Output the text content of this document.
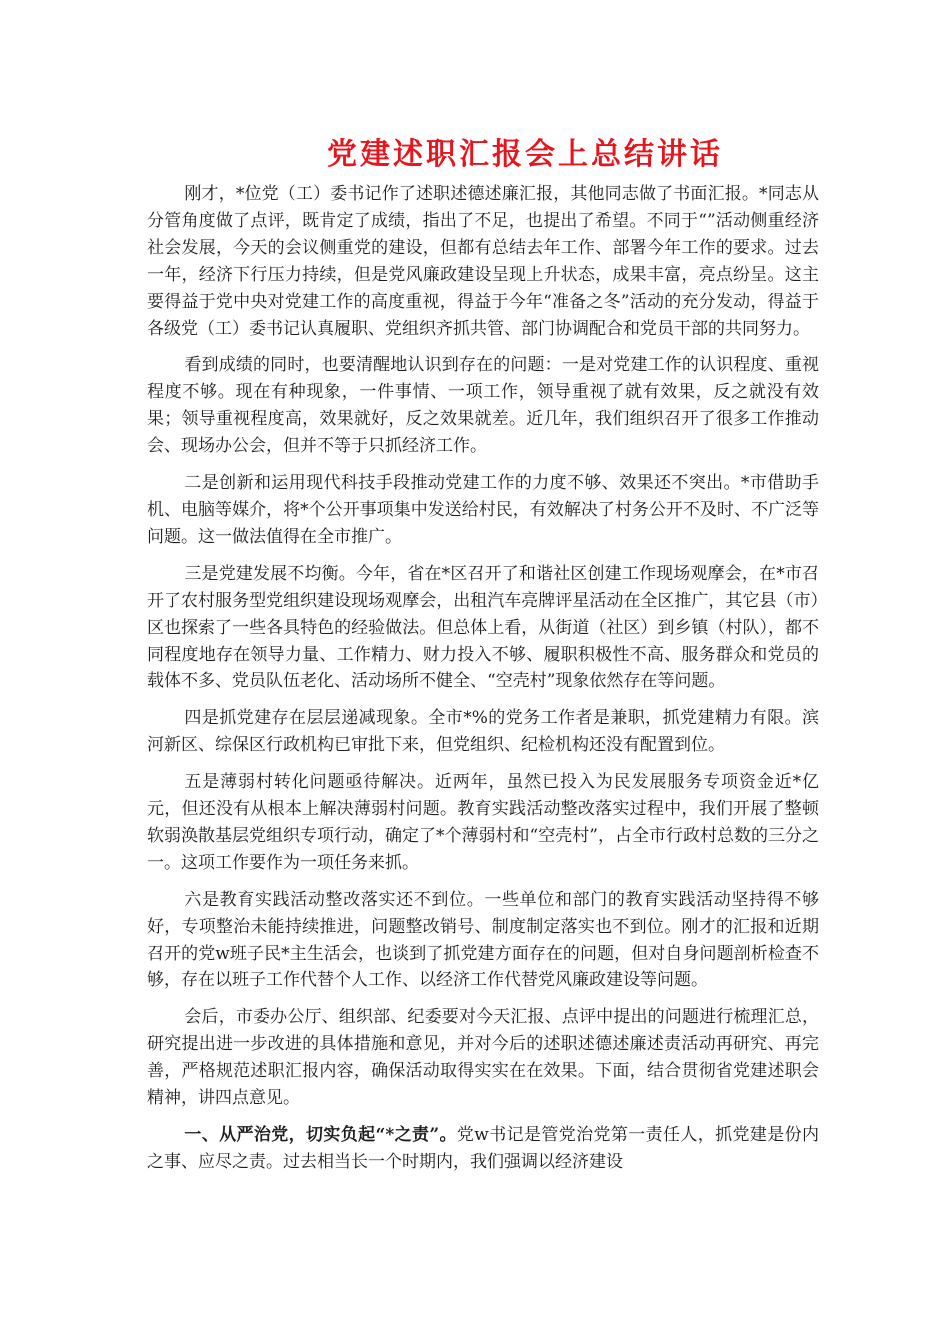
党建述职汇报会上总结讲话

刚才，*位党（工）委书记作了述职述德述廉汇报，其他同志做了书面汇报。*同志从分管角度做了点评，既肯定了成绩，指出了不足，也提出了希望。不同于“”活动侧重经济社会发展，今天的会议侧重党的建设，但都有总结去年工作、部署今年工作的要求。过去一年，经济下行压力持续，但是党风廉政建设呈现上升状态，成果丰富，亮点纷呈。这主要得益于党中央对党建工作的高度重视，得益于今年“准备之冬”活动的充分发动，得益于各级党（工）委书记认真履职、党组织齐抓共管、部门协调配合和党员干部的共同努力。

看到成绩的同时，也要清醒地认识到存在的问题：一是对党建工作的认识程度、重视程度不够。现在有种现象，一件事情、一项工作，领导重视了就有效果，反之就没有效果；领导重视程度高，效果就好，反之效果就差。近几年，我们组织召开了很多工作推动会、现场办公会，但并不等于只抓经济工作。

二是创新和运用现代科技手段推动党建工作的力度不够、效果还不突出。*市借助手机、电脑等媒介，将*个公开事项集中发送给村民，有效解决了村务公开不及时、不广泛等问题。这一做法值得在全市推广。

三是党建发展不均衡。今年，省在*区召开了和谐社区创建工作现场观摩会，在*市召开了农村服务型党组织建设现场观摩会，出租汽车亮牌评星活动在全区推广，其它县（市）区也探索了一些各具特色的经验做法。但总体上看，从街道（社区）到乡镇（村队），都不同程度地存在领导力量、工作精力、财力投入不够、履职积极性不高、服务群众和党员的载体不多、党员队伍老化、活动场所不健全、“空壳村”现象依然存在等问题。

四是抓党建存在层层递减现象。全市*%的党务工作者是兼职，抓党建精力有限。滨河新区、综保区行政机构已审批下来，但党组织、纪检机构还没有配置到位。

五是薄弱村转化问题亟待解决。近两年，虽然已投入为民发展服务专项资金近*亿元，但还没有从根本上解决薄弱村问题。教育实践活动整改落实过程中，我们开展了整顿软弱涣散基层党组织专项行动，确定了*个薄弱村和“空壳村”，占全市行政村总数的三分之一。这项工作要作为一项任务来抓。

六是教育实践活动整改落实还不到位。一些单位和部门的教育实践活动坚持得不够好，专项整治未能持续推进，问题整改销号、制度制定落实也不到位。刚才的汇报和近期召开的党w班子民*主生活会，也谈到了抓党建方面存在的问题，但对自身问题剖析检查不够，存在以班子工作代替个人工作、以经济工作代替党风廉政建设等问题。

会后，市委办公厅、组织部、纪委要对今天汇报、点评中提出的问题进行梳理汇总，研究提出进一步改进的具体措施和意见，并对今后的述职述德述廉述责活动再研究、再完善，严格规范述职汇报内容，确保活动取得实实在在效果。下面，结合贯彻省党建述职会精神，讲四点意见。

一、从严治党，切实负起“*之责”。党w书记是管党治党第一责任人，抓党建是份内之事、应尽之责。过去相当长一个时期内，我们强调以经济建设
